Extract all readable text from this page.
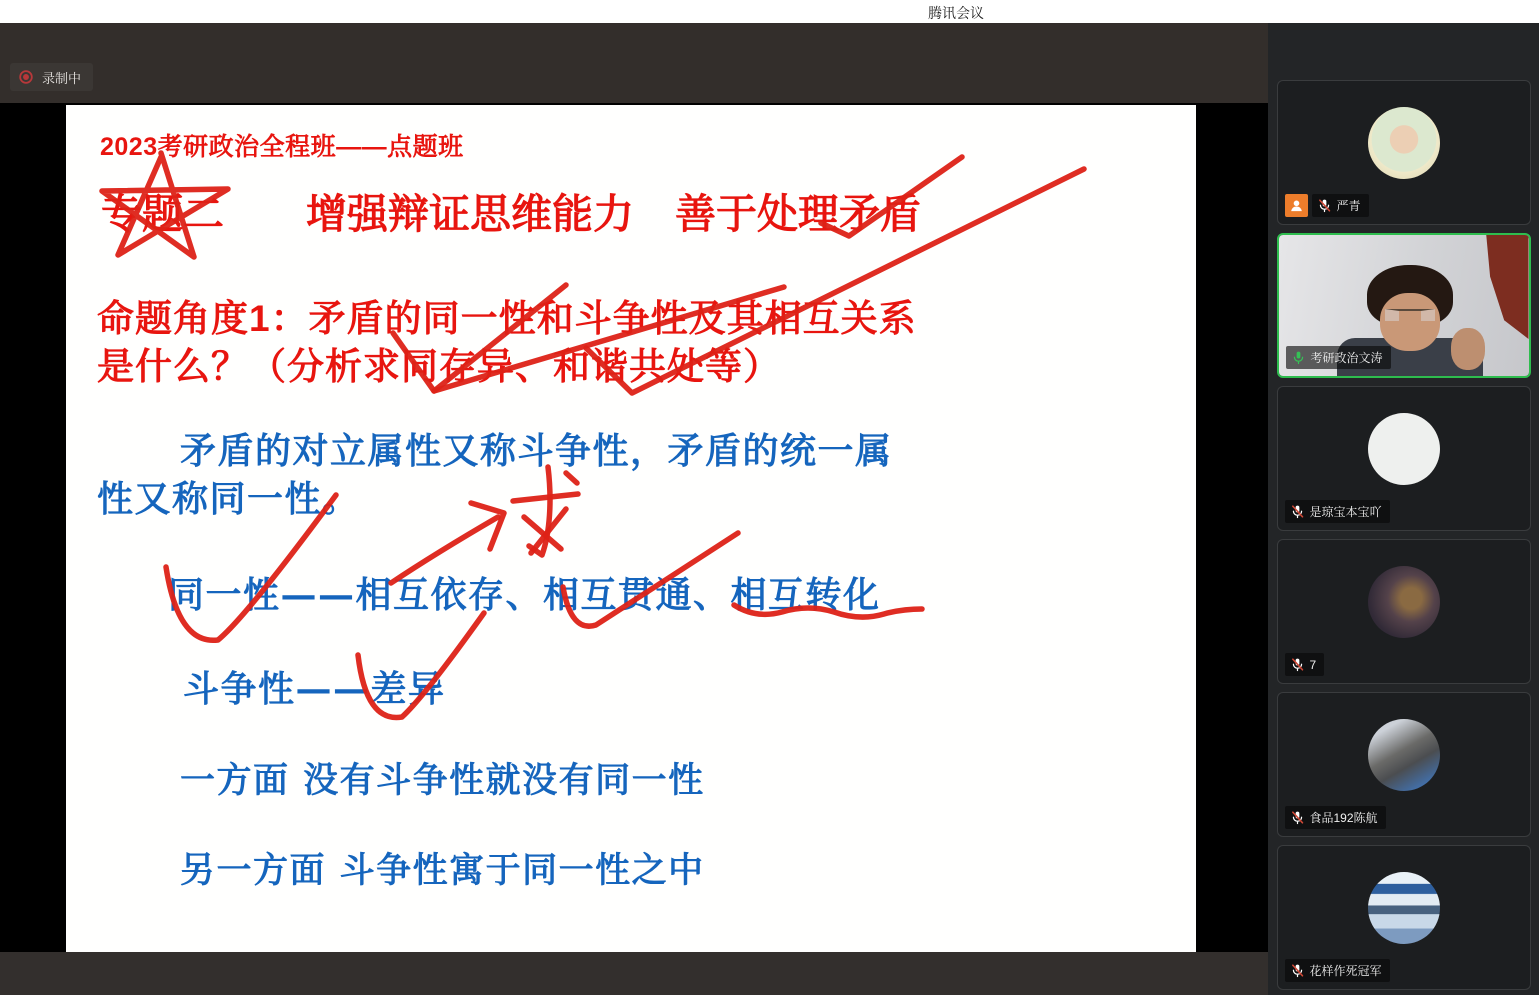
腾讯会议
录制中
2023考研政治全程班——点题班
专题二　　增强辩证思维能力　善于处理矛盾
命题角度1：矛盾的同一性和斗争性及其相互关系
是什么？（分析求同存异、和谐共处等）
矛盾的对立属性又称斗争性，矛盾的统一属
性又称同一性。
同一性——相互依存、相互贯通、相互转化
斗争性——差异
一方面 没有斗争性就没有同一性
另一方面 斗争性寓于同一性之中
严青
考研政治文涛
是琼宝本宝吖
7
食品192陈航
花样作死冠军
